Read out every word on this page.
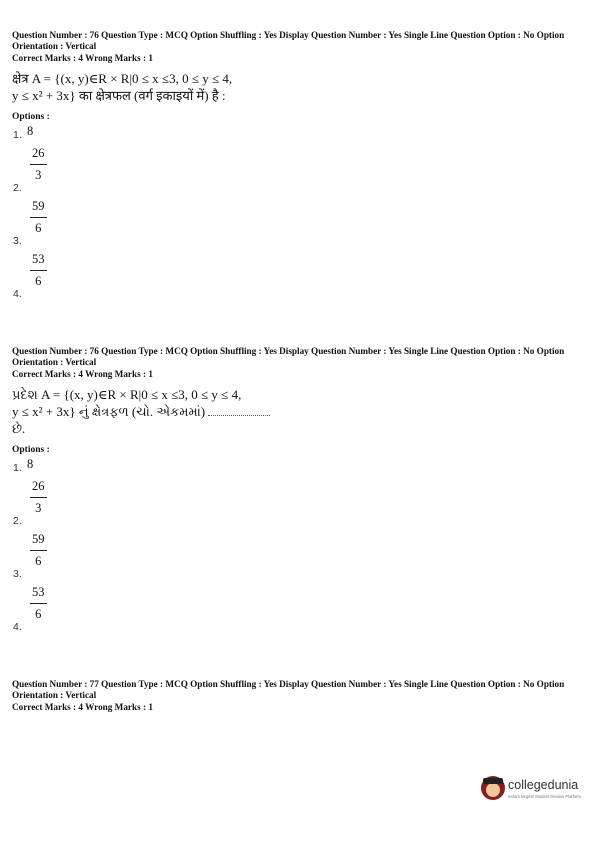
Question Number : 76 Question Type : MCQ Option Shuffling : Yes Display Question Number : Yes Single Line Question Option : No Option Orientation : Vertical
Correct Marks : 4 Wrong Marks : 1
क्षेत्र A = {(x, y)∈R × R|0 ≤ x ≤3, 0 ≤ y ≤ 4,
y ≤ x² + 3x} का क्षेत्रफल (वर्ग इकाइयों में) है :
Options :
1. 8
$\frac{26}{3}$
2.
$\frac{59}{6}$
3.
$\frac{53}{6}$
4.
Question Number : 76 Question Type : MCQ Option Shuffling : Yes Display Question Number : Yes Single Line Question Option : No Option Orientation : Vertical
Correct Marks : 4 Wrong Marks : 1
પ્રદેશ A = {(x, y)∈R × R|0 ≤ x ≤3, 0 ≤ y ≤ 4,
y ≤ x² + 3x} નું ક્ષેત્રફળ (ચો. એકમમાં)
છે.
Options :
1. 8
$\frac{26}{3}$
2.
$\frac{59}{6}$
3.
$\frac{53}{6}$
4.
Question Number : 77 Question Type : MCQ Option Shuffling : Yes Display Question Number : Yes Single Line Question Option : No Option Orientation : Vertical
Correct Marks : 4 Wrong Marks : 1
collegedunia
India's largest Student Review Platform
